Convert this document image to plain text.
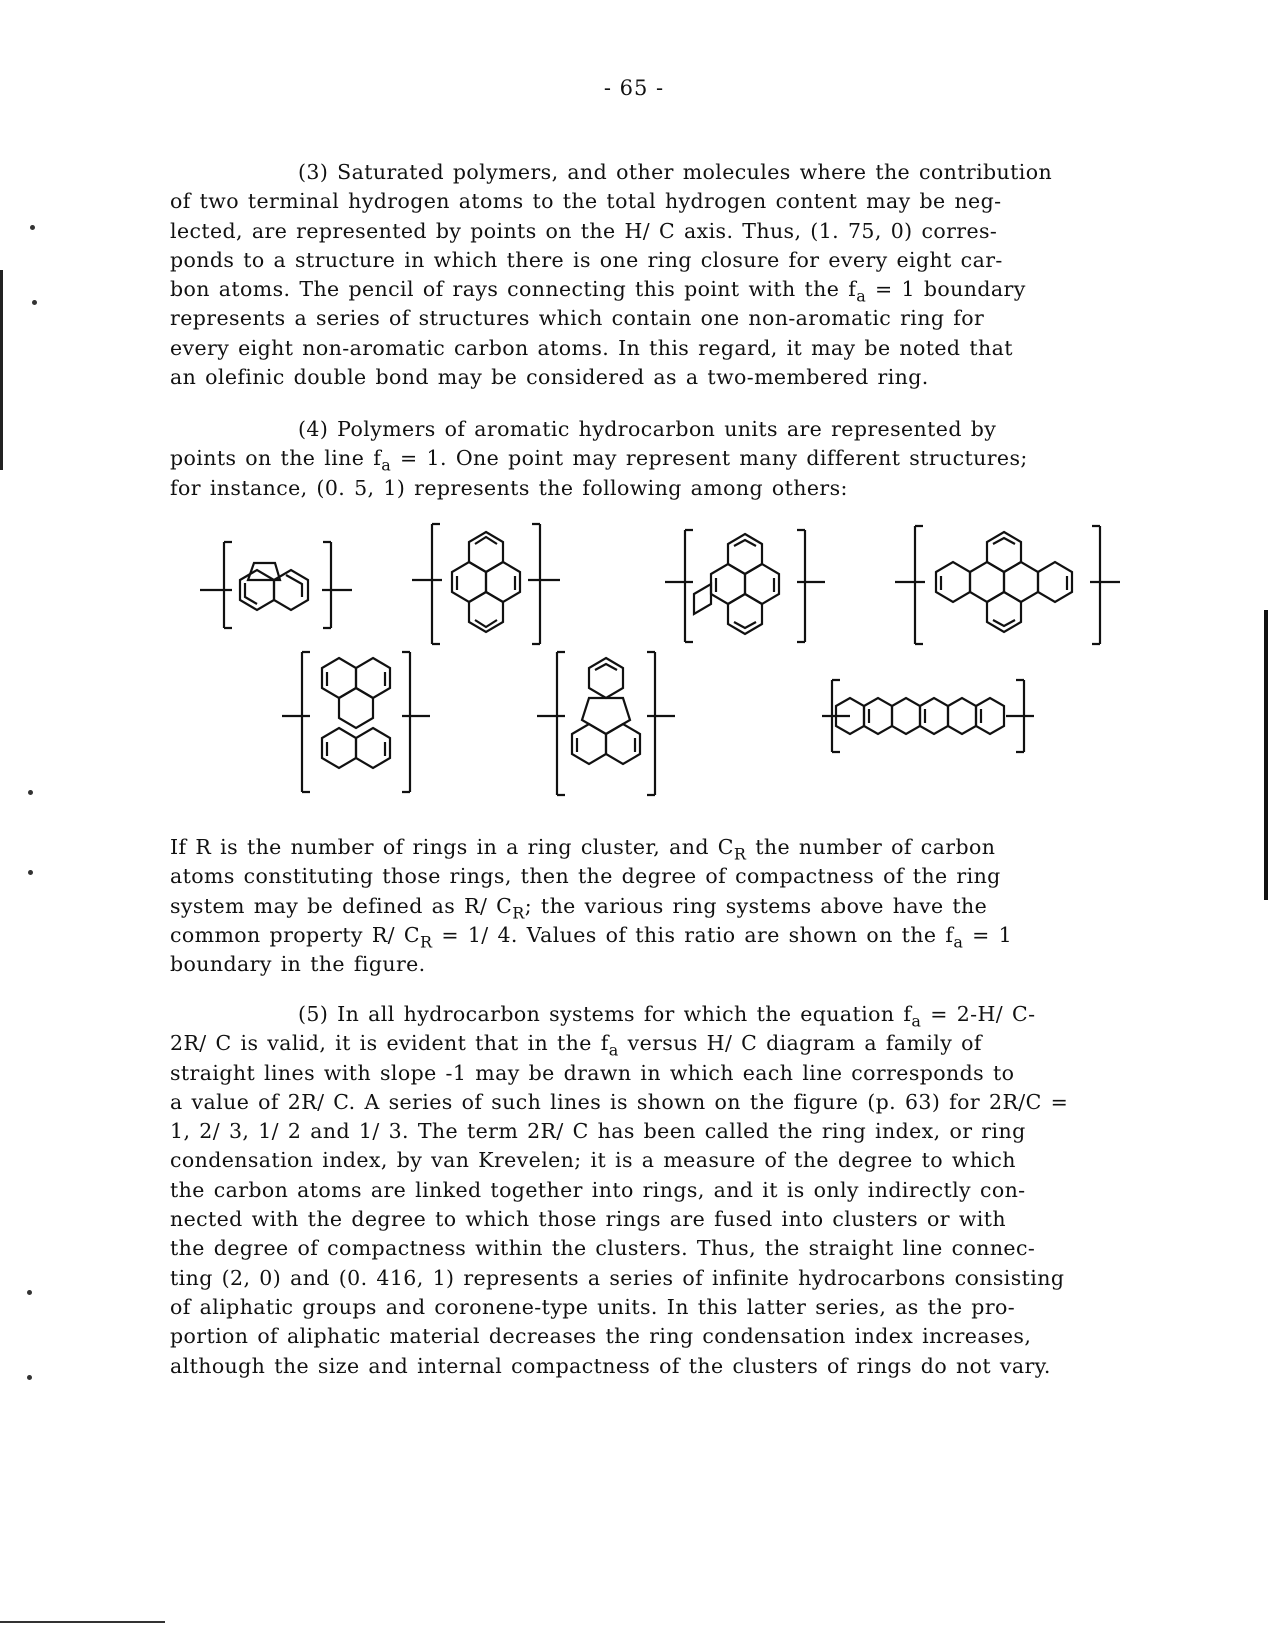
- 65 -
(3) Saturated polymers, and other molecules where the contribution
of two terminal hydrogen atoms to the total hydrogen content may be neg-
lected, are represented by points on the H/ C axis. Thus, (1. 75, 0) corres-
ponds to a structure in which there is one ring closure for every eight car-
bon atoms. The pencil of rays connecting this point with the $f_a = 1$ boundary
represents a series of structures which contain one non-aromatic ring for
every eight non-aromatic carbon atoms. In this regard, it may be noted that
an olefinic double bond may be considered as a two-membered ring.
(4) Polymers of aromatic hydrocarbon units are represented by
points on the line $f_a = 1$. One point may represent many different structures;
for instance, (0. 5, 1) represents the following among others:
If R is the number of rings in a ring cluster, and $C_R$ the number of carbon
atoms constituting those rings, then the degree of compactness of the ring
system may be defined as R/ $C_R$; the various ring systems above have the
common property R/ $C_R = 1/$ 4. Values of this ratio are shown on the $f_a = 1$
boundary in the figure.
(5) In all hydrocarbon systems for which the equation $f_a = 2-H/$ C-
2R/ C is valid, it is evident that in the $f_a$ versus H/ C diagram a family of
straight lines with slope -1 may be drawn in which each line corresponds to
a value of 2R/ C. A series of such lines is shown on the figure (p. 63) for 2R/C =
1, 2/ 3, 1/ 2 and 1/ 3. The term 2R/ C has been called the ring index, or ring
condensation index, by van Krevelen; it is a measure of the degree to which
the carbon atoms are linked together into rings, and it is only indirectly con-
nected with the degree to which those rings are fused into clusters or with
the degree of compactness within the clusters. Thus, the straight line connec-
ting (2, 0) and (0. 416, 1) represents a series of infinite hydrocarbons consisting
of aliphatic groups and coronene-type units. In this latter series, as the pro-
portion of aliphatic material decreases the ring condensation index increases,
although the size and internal compactness of the clusters of rings do not vary.
